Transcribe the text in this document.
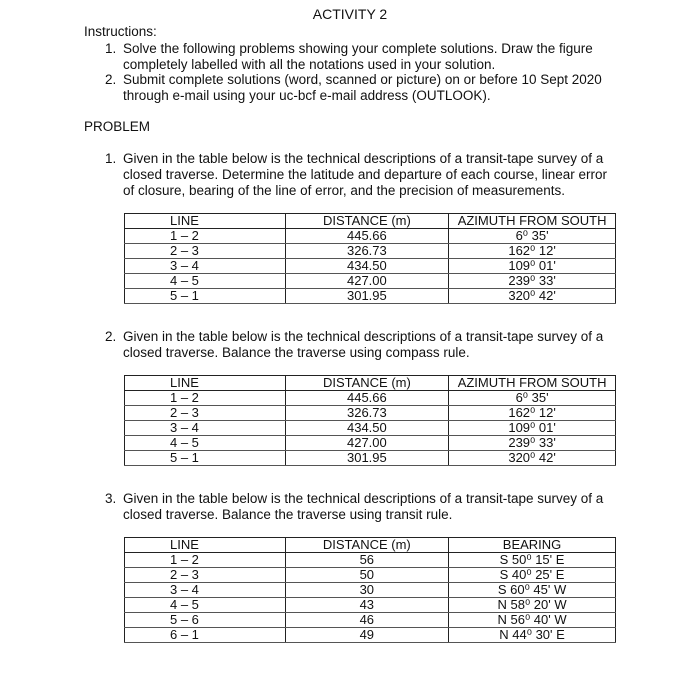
ACTIVITY 2
Instructions:
1. Solve the following problems showing your complete solutions. Draw the figure
completely labelled with all the notations used in your solution.
2. Submit complete solutions (word, scanned or picture) on or before 10 Sept 2020
through e-mail using your uc-bcf e-mail address (OUTLOOK).
PROBLEM
1. Given in the table below is the technical descriptions of a transit-tape survey of a
closed traverse. Determine the latitude and departure of each course, linear error
of closure, bearing of the line of error, and the precision of measurements.
LINE	DISTANCE (m)	AZIMUTH FROM SOUTH
1 – 2	445.66	6⁰ 35'
2 – 3	326.73	162⁰ 12'
3 – 4	434.50	109⁰ 01'
4 – 5	427.00	239⁰ 33'
5 – 1	301.95	320⁰ 42'
2. Given in the table below is the technical descriptions of a transit-tape survey of a
closed traverse. Balance the traverse using compass rule.
LINE	DISTANCE (m)	AZIMUTH FROM SOUTH
1 – 2	445.66	6⁰ 35'
2 – 3	326.73	162⁰ 12'
3 – 4	434.50	109⁰ 01'
4 – 5	427.00	239⁰ 33'
5 – 1	301.95	320⁰ 42'
3. Given in the table below is the technical descriptions of a transit-tape survey of a
closed traverse. Balance the traverse using transit rule.
LINE	DISTANCE (m)	BEARING
1 – 2	56	S 50⁰ 15' E
2 – 3	50	S 40⁰ 25' E
3 – 4	30	S 60⁰ 45' W
4 – 5	43	N 58⁰ 20' W
5 – 6	46	N 56⁰ 40' W
6 – 1	49	N 44⁰ 30' E
